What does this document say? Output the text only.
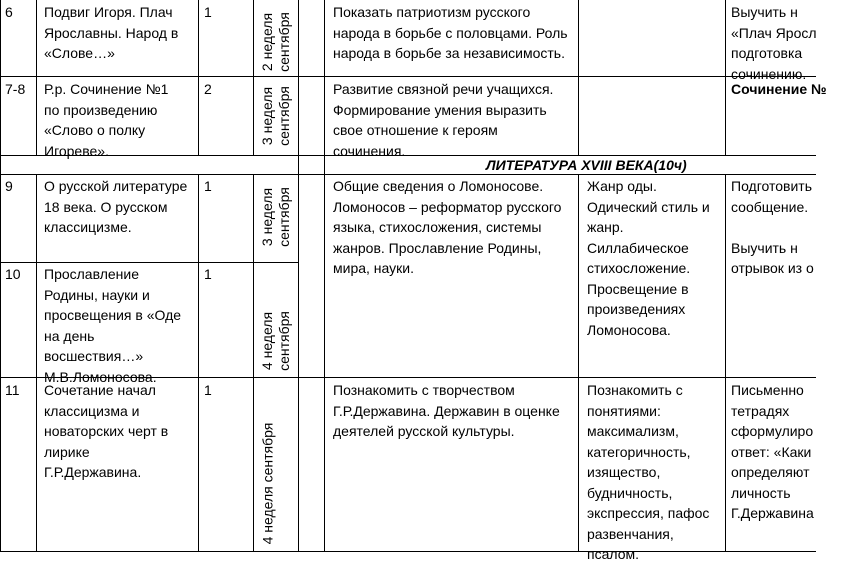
6 Подвиг Игоря. Плач
Ярославны. Народ в
«Слове…»
1
2 неделя
сентября
Показать патриотизм русского
народа в борьбе с половцами. Роль
народа в борьбе за независимость.
Выучить н
«Плач Яросл
подготовка
сочинению.
7-8 Р.р. Сочинение №1
по произведению
«Слово о полку
Игореве».
2
3 неделя
сентября	Развитие связной речи учащихся.
Формирование умения выразить
свое отношение к героям
сочинения.
Сочинение №
ЛИТЕРАТУРА XVIII ВЕКА(10ч)
9 О русской литературе
18 века. О русском
классицизме.
1
3 неделя
сентября
Общие сведения о Ломоносове.
Ломоносов – реформатор русского
языка, стихосложения, системы
жанров. Прославление Родины,
мира, науки.
Жанр оды.
Одический стиль и
жанр.
Силлабическое
стихосложение.
Просвещение в
произведениях
Ломоносова.
Подготовить
сообщение.

Выучить н
отрывок из о
10 Прославление
Родины, науки и
просвещения в «Оде
на день
восшествия…»
М.В.Ломоносова.
1
4 неделя
сентября
11 Сочетание начал
классицизма и
новаторских черт в
лирике
Г.Р.Державина.
1
4 неделя сентября
Познакомить с творчеством
Г.Р.Державина. Державин в оценке
деятелей русской культуры.
Познакомить с
понятиями:
максимализм,
категоричность,
изящество,
будничность,
экспрессия, пафос
развенчания,
псалом.
Письменно
тетрадях
сформулиро
ответ: «Каки
определяют
личность
Г.Державина
